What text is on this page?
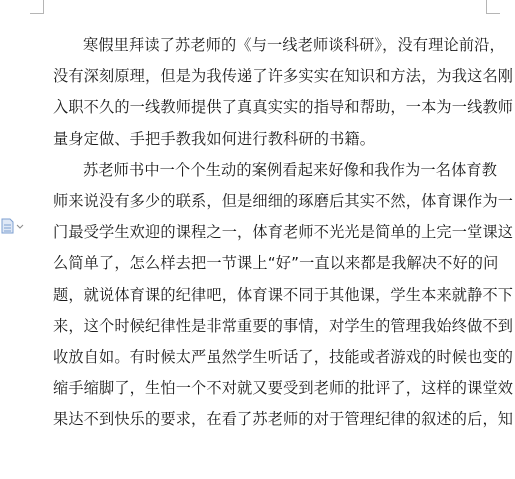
寒假里拜读了苏老师的《与一线老师谈科研》，没有理论前沿，
没有深刻原理，但是为我传递了许多实实在知识和方法，为我这名刚
入职不久的一线教师提供了真真实实的指导和帮助，一本为一线教师
量身定做、手把手教我如何进行教科研的书籍。
苏老师书中一个个生动的案例看起来好像和我作为一名体育教
师来说没有多少的联系，但是细细的琢磨后其实不然，体育课作为一
门最受学生欢迎的课程之一，体育老师不光光是简单的上完一堂课这
么简单了，怎么样去把一节课上“好”一直以来都是我解决不好的问
题，就说体育课的纪律吧，体育课不同于其他课，学生本来就静不下
来，这个时候纪律性是非常重要的事情，对学生的管理我始终做不到
收放自如。有时候太严虽然学生听话了，技能或者游戏的时候也变的
缩手缩脚了，生怕一个不对就又要受到老师的批评了，这样的课堂效
果达不到快乐的要求，在看了苏老师的对于管理纪律的叙述的后，知
